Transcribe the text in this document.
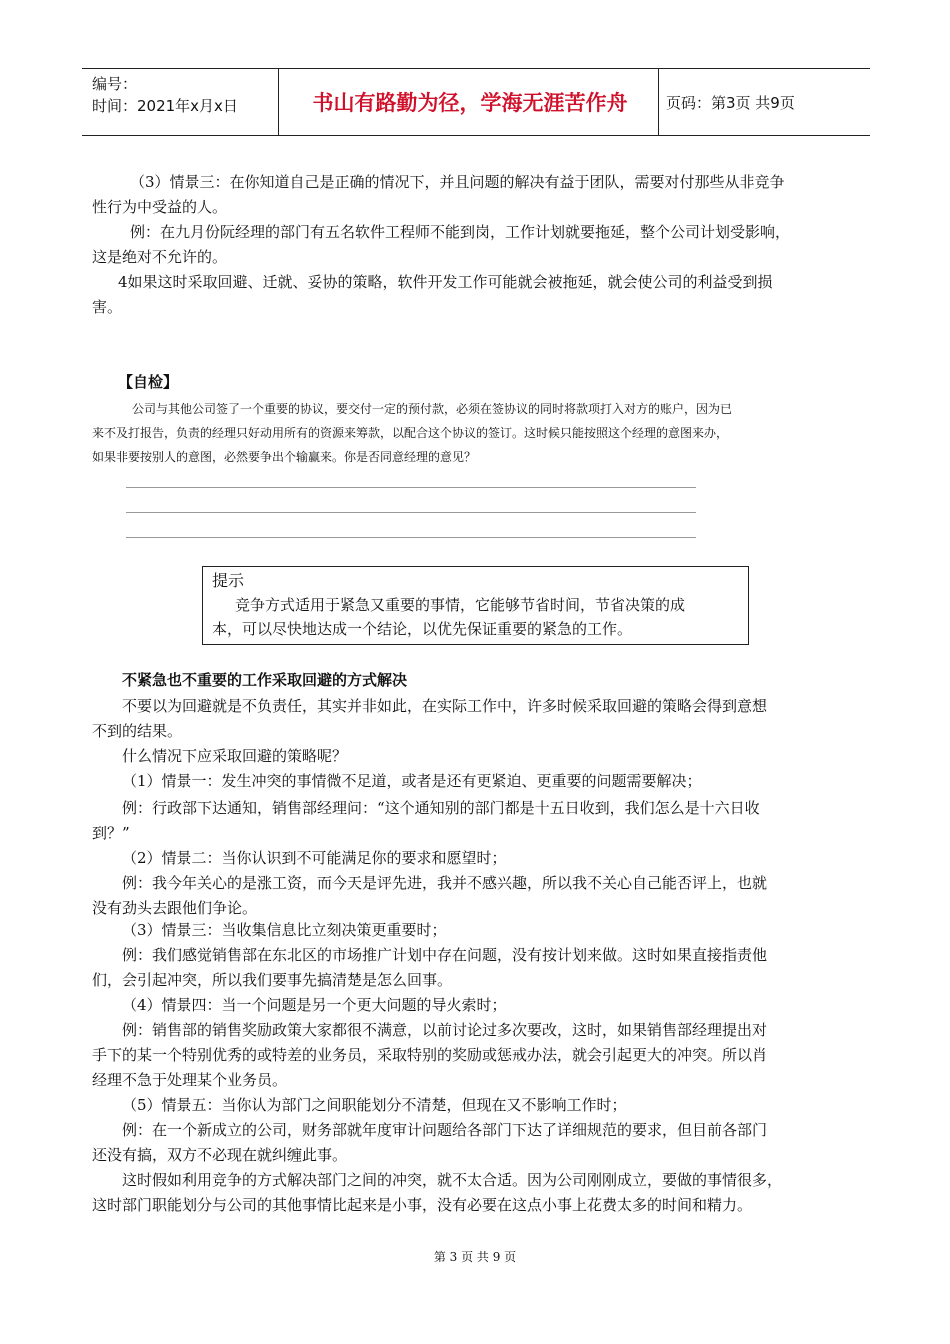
编号：
时间：2021年x月x日	书山有路勤为径，学海无涯苦作舟	页码：第3页 共9页
（3）情景三：在你知道自己是正确的情况下，并且问题的解决有益于团队，需要对付那些从非竞争
性行为中受益的人。
例：在九月份阮经理的部门有五名软件工程师不能到岗，工作计划就要拖延，整个公司计划受影响，
这是绝对不允许的。
4如果这时采取回避、迁就、妥协的策略，软件开发工作可能就会被拖延，就会使公司的利益受到损
害。
【自检】
公司与其他公司签了一个重要的协议，要交付一定的预付款，必须在签协议的同时将款项打入对方的账户，因为已
来不及打报告，负责的经理只好动用所有的资源来筹款，以配合这个协议的签订。这时候只能按照这个经理的意图来办，
如果非要按别人的意图，必然要争出个输赢来。你是否同意经理的意见？
提示
竞争方式适用于紧急又重要的事情，它能够节省时间，节省决策的成
本，可以尽快地达成一个结论，以优先保证重要的紧急的工作。
不紧急也不重要的工作采取回避的方式解决
不要以为回避就是不负责任，其实并非如此，在实际工作中，许多时候采取回避的策略会得到意想
不到的结果。
什么情况下应采取回避的策略呢？
（1）情景一：发生冲突的事情微不足道，或者是还有更紧迫、更重要的问题需要解决；
例：行政部下达通知，销售部经理问：“这个通知别的部门都是十五日收到，我们怎么是十六日收
到？”
（2）情景二：当你认识到不可能满足你的要求和愿望时；
例：我今年关心的是涨工资，而今天是评先进，我并不感兴趣，所以我不关心自己能否评上，也就
没有劲头去跟他们争论。
（3）情景三：当收集信息比立刻决策更重要时；
例：我们感觉销售部在东北区的市场推广计划中存在问题，没有按计划来做。这时如果直接指责他
们，会引起冲突，所以我们要事先搞清楚是怎么回事。
（4）情景四：当一个问题是另一个更大问题的导火索时；
例：销售部的销售奖励政策大家都很不满意，以前讨论过多次要改，这时，如果销售部经理提出对
手下的某一个特别优秀的或特差的业务员，采取特别的奖励或惩戒办法，就会引起更大的冲突。所以肖
经理不急于处理某个业务员。
（5）情景五：当你认为部门之间职能划分不清楚，但现在又不影响工作时；
例：在一个新成立的公司，财务部就年度审计问题给各部门下达了详细规范的要求，但目前各部门
还没有搞，双方不必现在就纠缠此事。
这时假如利用竞争的方式解决部门之间的冲突，就不太合适。因为公司刚刚成立，要做的事情很多，
这时部门职能划分与公司的其他事情比起来是小事，没有必要在这点小事上花费太多的时间和精力。
第 3 页 共 9 页
